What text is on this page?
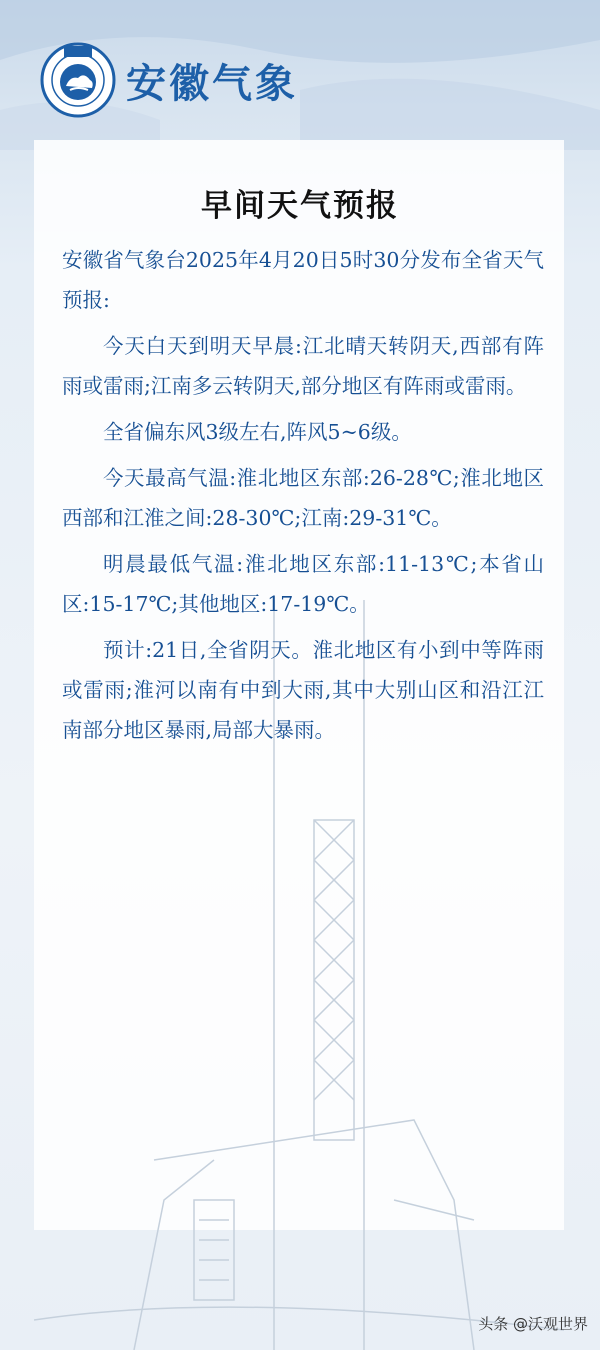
安徽气象
早间天气预报

安徽省气象台2025年4月20日5时30分发布全省天气预报:

今天白天到明天早晨:江北晴天转阴天,西部有阵雨或雷雨;江南多云转阴天,部分地区有阵雨或雷雨。

全省偏东风3级左右,阵风5~6级。

今天最高气温:淮北地区东部:26-28℃;淮北地区西部和江淮之间:28-30℃;江南:29-31℃。

明晨最低气温:淮北地区东部:11-13℃;本省山区:15-17℃;其他地区:17-19℃。

预计:21日,全省阴天。淮北地区有小到中等阵雨或雷雨;淮河以南有中到大雨,其中大别山区和沿江江南部分地区暴雨,局部大暴雨。

头条 @沃观世界
